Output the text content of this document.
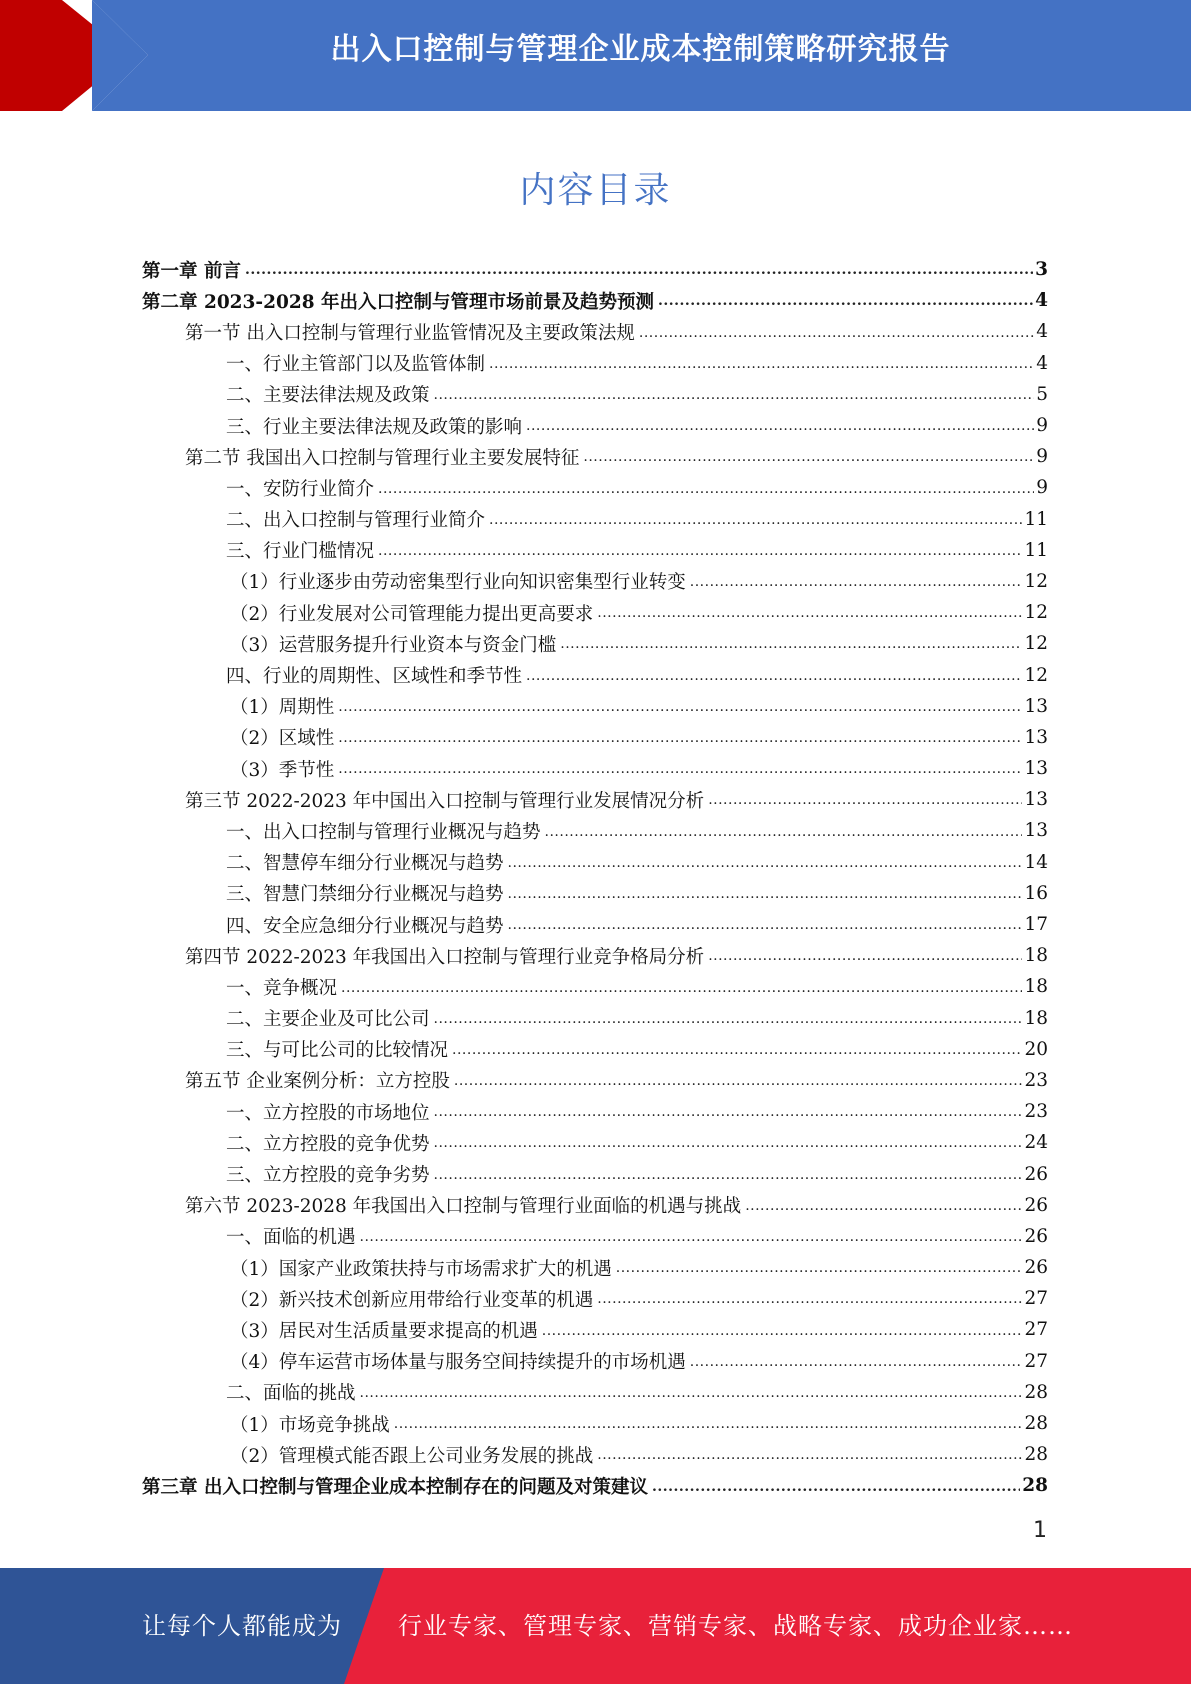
出入口控制与管理企业成本控制策略研究报告
内容目录
第一章 前言 .....	3
第二章 2023-2028 年出入口控制与管理市场前景及趋势预测 .....	4
第一节 出入口控制与管理行业监管情况及主要政策法规 .....	4
一、行业主管部门以及监管体制 .....	4
二、主要法律法规及政策 .....	5
三、行业主要法律法规及政策的影响 .....	9
第二节 我国出入口控制与管理行业主要发展特征 .....	9
一、安防行业简介 .....	9
二、出入口控制与管理行业简介 .....	11
三、行业门槛情况 .....	11
（1）行业逐步由劳动密集型行业向知识密集型行业转变 .....	12
（2）行业发展对公司管理能力提出更高要求 .....	12
（3）运营服务提升行业资本与资金门槛 .....	12
四、行业的周期性、区域性和季节性 .....	12
（1）周期性 .....	13
（2）区域性 .....	13
（3）季节性 .....	13
第三节 2022-2023 年中国出入口控制与管理行业发展情况分析 .....	13
一、出入口控制与管理行业概况与趋势 .....	13
二、智慧停车细分行业概况与趋势 .....	14
三、智慧门禁细分行业概况与趋势 .....	16
四、安全应急细分行业概况与趋势 .....	17
第四节 2022-2023 年我国出入口控制与管理行业竞争格局分析 .....	18
一、竞争概况 .....	18
二、主要企业及可比公司 .....	18
三、与可比公司的比较情况 .....	20
第五节 企业案例分析：立方控股 .....	23
一、立方控股的市场地位 .....	23
二、立方控股的竞争优势 .....	24
三、立方控股的竞争劣势 .....	26
第六节 2023-2028 年我国出入口控制与管理行业面临的机遇与挑战 .....	26
一、面临的机遇 .....	26
（1）国家产业政策扶持与市场需求扩大的机遇 .....	26
（2）新兴技术创新应用带给行业变革的机遇 .....	27
（3）居民对生活质量要求提高的机遇 .....	27
（4）停车运营市场体量与服务空间持续提升的市场机遇 .....	27
二、面临的挑战 .....	28
（1）市场竞争挑战 .....	28
（2）管理模式能否跟上公司业务发展的挑战 .....	28
第三章 出入口控制与管理企业成本控制存在的问题及对策建议 .....	28
1
让每个人都能成为 行业专家、管理专家、营销专家、战略专家、成功企业家……
